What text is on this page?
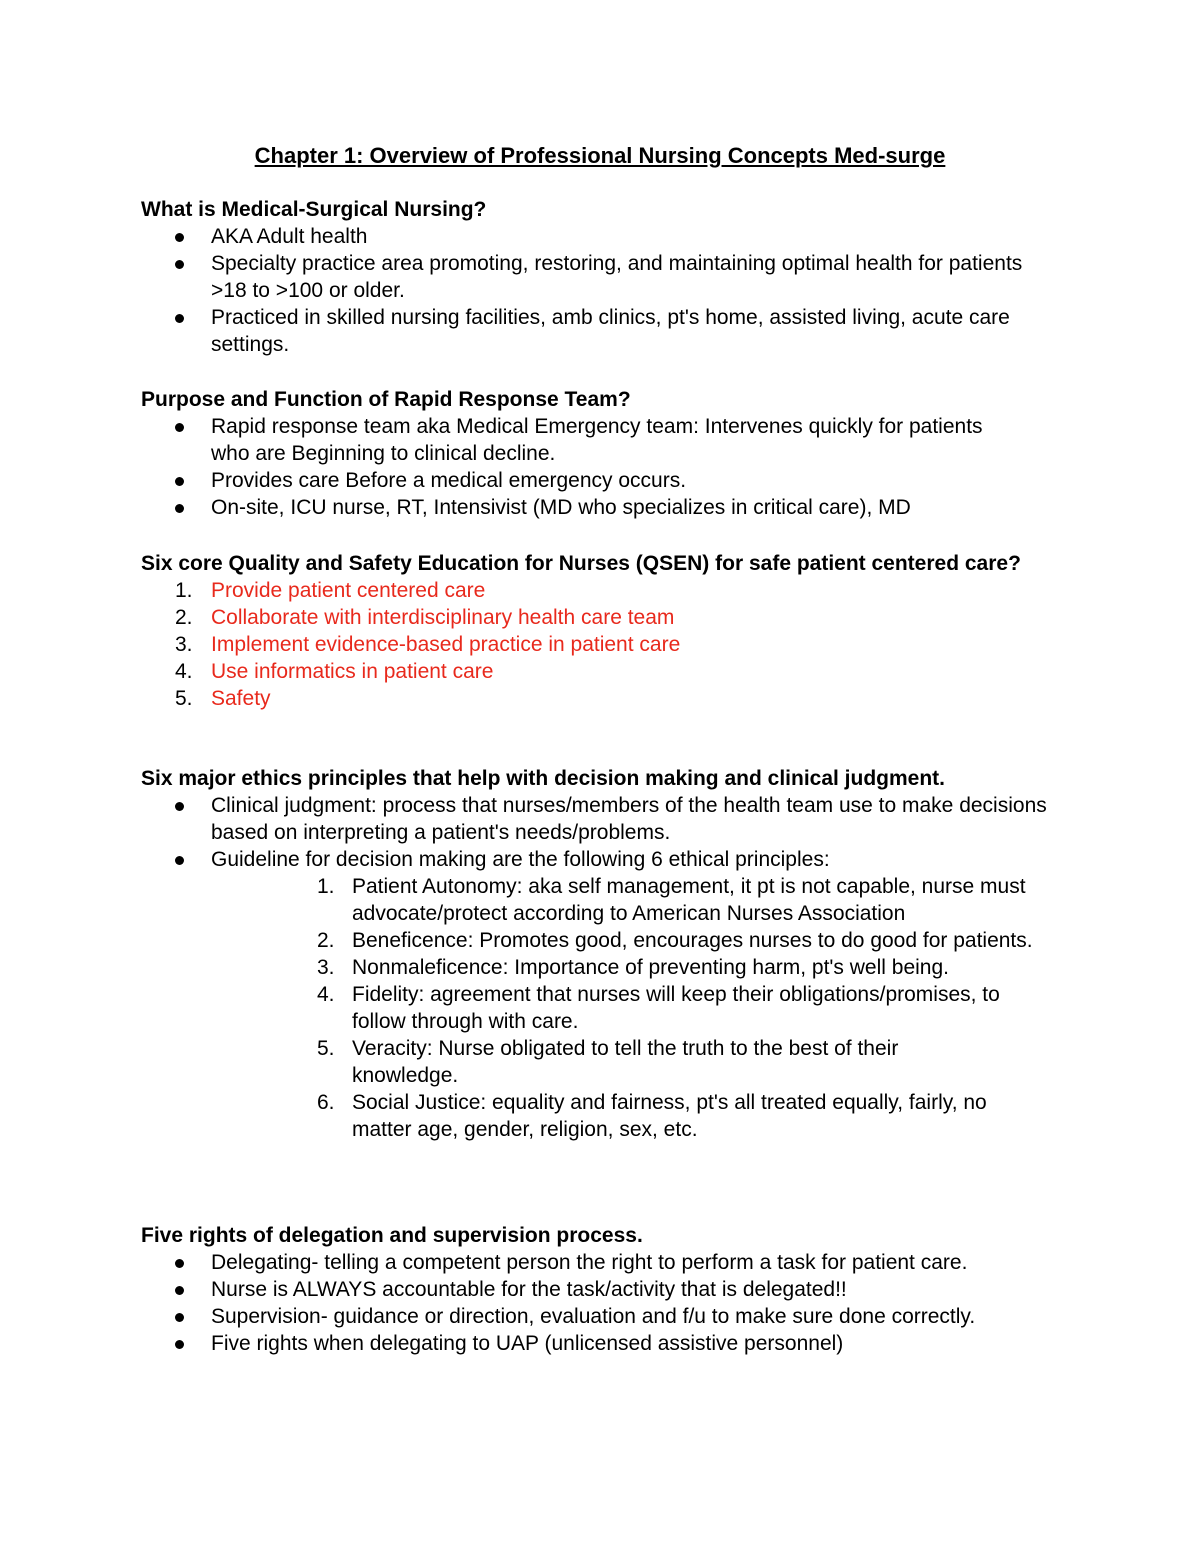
Chapter 1: Overview of Professional Nursing Concepts Med-surge

What is Medical-Surgical Nursing?

AKA Adult health
Specialty practice area promoting, restoring, and maintaining optimal health for patients >18 to >100 or older.
Practiced in skilled nursing facilities, amb clinics, pt's home, assisted living, acute care settings.

Purpose and Function of Rapid Response Team?

Rapid response team aka Medical Emergency team: Intervenes quickly for patients who are Beginning to clinical decline.
Provides care Before a medical emergency occurs.
On-site, ICU nurse, RT, Intensivist (MD who specializes in critical care), MD

Six core Quality and Safety Education for Nurses (QSEN) for safe patient centered care?

1. Provide patient centered care
2. Collaborate with interdisciplinary health care team
3. Implement evidence-based practice in patient care
4. Use informatics in patient care
5. Safety

Six major ethics principles that help with decision making and clinical judgment.

Clinical judgment: process that nurses/members of the health team use to make decisions based on interpreting a patient's needs/problems.
Guideline for decision making are the following 6 ethical principles:
1. Patient Autonomy: aka self management, it pt is not capable, nurse must advocate/protect according to American Nurses Association
2. Beneficence: Promotes good, encourages nurses to do good for patients.
3. Nonmaleficence: Importance of preventing harm, pt's well being.
4. Fidelity: agreement that nurses will keep their obligations/promises, to follow through with care.
5. Veracity: Nurse obligated to tell the truth to the best of their knowledge.
6. Social Justice: equality and fairness, pt's all treated equally, fairly, no matter age, gender, religion, sex, etc.

Five rights of delegation and supervision process.

Delegating- telling a competent person the right to perform a task for patient care.
Nurse is ALWAYS accountable for the task/activity that is delegated!!
Supervision- guidance or direction, evaluation and f/u to make sure done correctly.
Five rights when delegating to UAP (unlicensed assistive personnel)
